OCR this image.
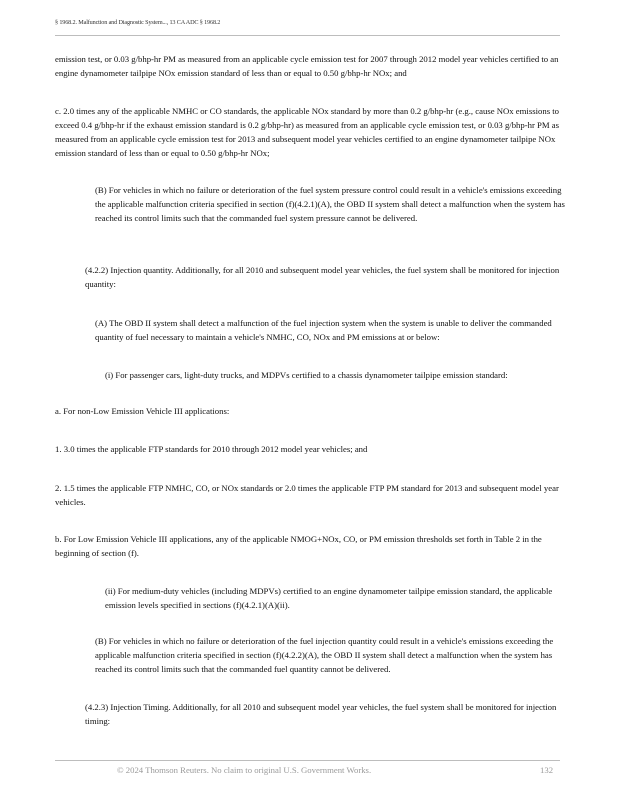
§ 1968.2. Malfunction and Diagnostic System..., 13 CA ADC § 1968.2

emission test, or 0.03 g/bhp-hr PM as measured from an applicable cycle emission test for 2007 through 2012 model year vehicles certified to an engine dynamometer tailpipe NOx emission standard of less than or equal to 0.50 g/bhp-hr NOx; and

c. 2.0 times any of the applicable NMHC or CO standards, the applicable NOx standard by more than 0.2 g/bhp-hr (e.g., cause NOx emissions to exceed 0.4 g/bhp-hr if the exhaust emission standard is 0.2 g/bhp-hr) as measured from an applicable cycle emission test, or 0.03 g/bhp-hr PM as measured from an applicable cycle emission test for 2013 and subsequent model year vehicles certified to an engine dynamometer tailpipe NOx emission standard of less than or equal to 0.50 g/bhp-hr NOx;

(B) For vehicles in which no failure or deterioration of the fuel system pressure control could result in a vehicle's emissions exceeding the applicable malfunction criteria specified in section (f)(4.2.1)(A), the OBD II system shall detect a malfunction when the system has reached its control limits such that the commanded fuel system pressure cannot be delivered.

(4.2.2) Injection quantity. Additionally, for all 2010 and subsequent model year vehicles, the fuel system shall be monitored for injection quantity:

(A) The OBD II system shall detect a malfunction of the fuel injection system when the system is unable to deliver the commanded quantity of fuel necessary to maintain a vehicle's NMHC, CO, NOx and PM emissions at or below:

(i) For passenger cars, light-duty trucks, and MDPVs certified to a chassis dynamometer tailpipe emission standard:

a. For non-Low Emission Vehicle III applications:

1. 3.0 times the applicable FTP standards for 2010 through 2012 model year vehicles; and

2. 1.5 times the applicable FTP NMHC, CO, or NOx standards or 2.0 times the applicable FTP PM standard for 2013 and subsequent model year vehicles.

b. For Low Emission Vehicle III applications, any of the applicable NMOG+NOx, CO, or PM emission thresholds set forth in Table 2 in the beginning of section (f).

(ii) For medium-duty vehicles (including MDPVs) certified to an engine dynamometer tailpipe emission standard, the applicable emission levels specified in sections (f)(4.2.1)(A)(ii).

(B) For vehicles in which no failure or deterioration of the fuel injection quantity could result in a vehicle's emissions exceeding the applicable malfunction criteria specified in section (f)(4.2.2)(A), the OBD II system shall detect a malfunction when the system has reached its control limits such that the commanded fuel quantity cannot be delivered.

(4.2.3) Injection Timing. Additionally, for all 2010 and subsequent model year vehicles, the fuel system shall be monitored for injection timing:

© 2024 Thomson Reuters. No claim to original U.S. Government Works.	132
